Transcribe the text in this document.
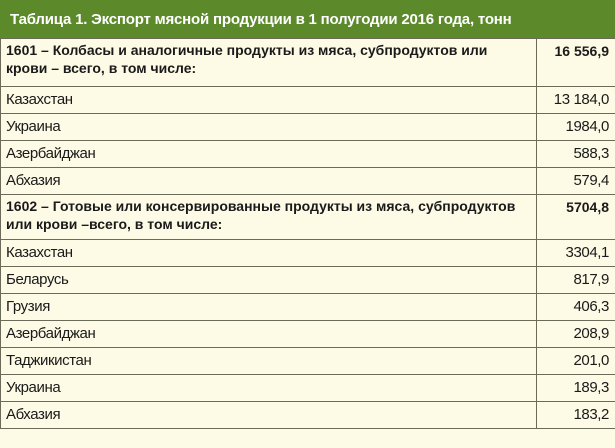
Таблица 1. Экспорт мясной продукции в 1 полугодии 2016 года, тонн
1601 – Колбасы и аналогичные продукты из мяса, субпродуктов или крови – всего, в том числе:	16 556,9
Казахстан	13 184,0
Украина	1984,0
Азербайджан	588,3
Абхазия	579,4
1602 – Готовые или консервированные продукты из мяса, субпродуктов или крови –всего, в том числе:	5704,8
Казахстан	3304,1
Беларусь	817,9
Грузия	406,3
Азербайджан	208,9
Таджикистан	201,0
Украина	189,3
Абхазия	183,2
